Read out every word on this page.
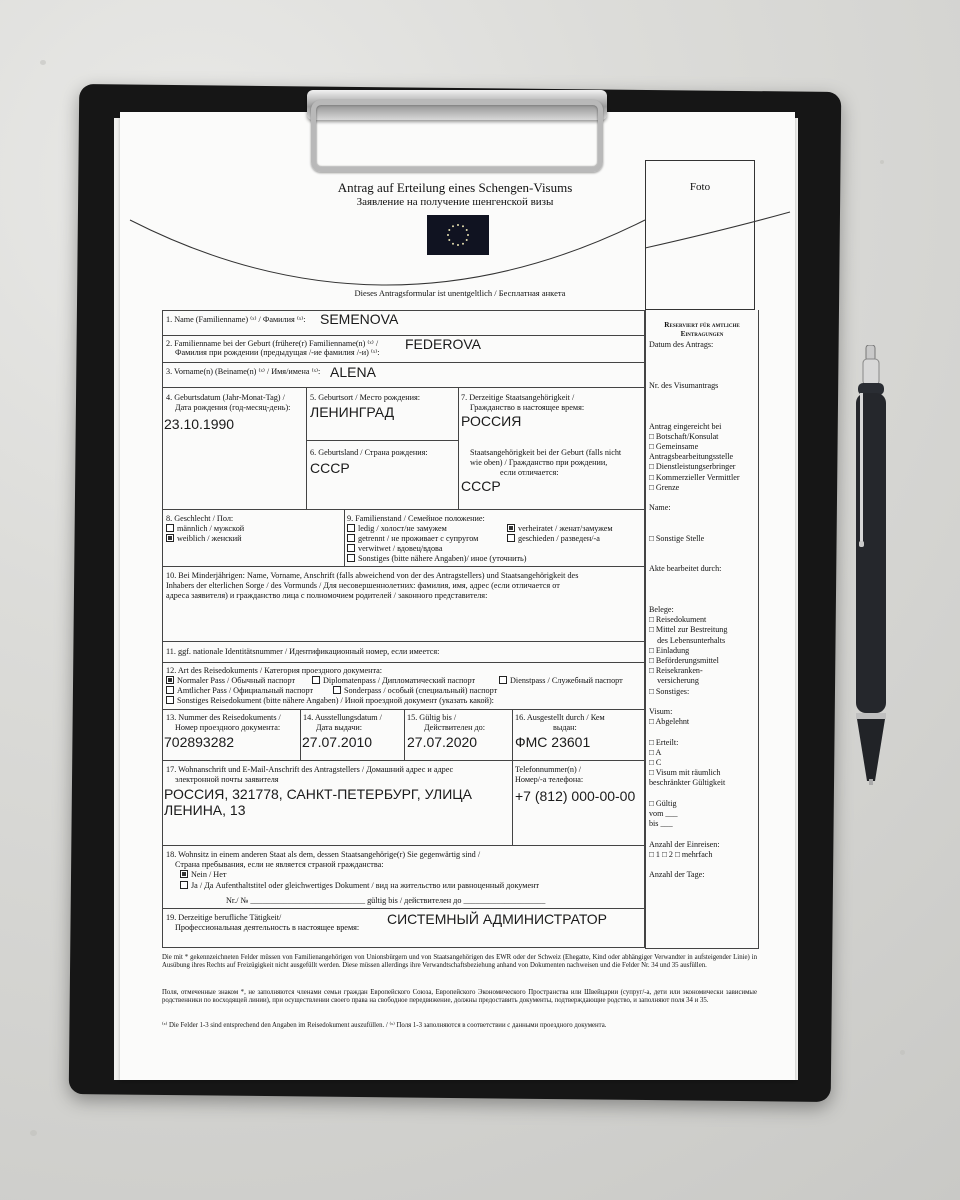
Antrag auf Erteilung eines Schengen-Visums
Заявление на получение шенгенской визы
Dieses Antragsformular ist unentgeltlich / Бесплатная анкета
Foto
Reserviert für amtliche Eintragungen
Datum des Antrags:
Nr. des Visumantrags
Antrag eingereicht bei
□ Botschaft/Konsulat
□ Gemeinsame
Antragsbearbeitungsstelle
□ Dienstleistungserbringer
□ Kommerzieller Vermittler
□ Grenze
Name:
□ Sonstige Stelle
Akte bearbeitet durch:
Belege:
□ Reisedokument
□ Mittel zur Bestreitung
des Lebensunterhalts
□ Einladung
□ Beförderungsmittel
□ Reisekranken-
versicherung
□ Sonstiges:
Visum:
□ Abgelehnt
□ Erteilt:
□ A
□ C
□ Visum mit räumlich
beschränkter Gültigkeit
□ Gültig
vom ___
bis ___
Anzahl der Einreisen:
□ 1 □ 2 □ mehrfach
Anzahl der Tage:
1. Name (Familienname) ⁽ˣ⁾ / Фамилия ⁽ˣ⁾: SEMENOVA
2. Familienname bei der Geburt (frühere(r) Familienname(n) ⁽ˣ⁾ /
Фамилия при рождении (предыдущая /-ие фамилия /-и) ⁽ˣ⁾:
FEDEROVA
3. Vorname(n) (Beiname(n) ⁽ˣ⁾ / Имя/имена ⁽ˣ⁾: ALENA
4. Geburtsdatum (Jahr-Monat-Tag) /
Дата рождения (год-месяц-день):
23.10.1990
5. Geburtsort / Место рождения:
ЛЕНИНГРАД
6. Geburtsland / Страна рождения:
СССР
7. Derzeitige Staatsangehörigkeit /
Гражданство в настоящее время:
РОССИЯ
Staatsangehörigkeit bei der Geburt (falls nicht
wie oben) / Гражданство при рождении,
если отличается:
СССР
8. Geschlecht / Пол:
männlich / мужской
weiblich / женский
9. Familienstand / Семейное положение:
ledig / холост/не замужем
getrennt / не проживает с супругом
verwitwet / вдовец/вдова
Sonstiges (bitte nähere Angaben)/ иное (уточнить)
verheiratet / женат/замужем
geschieden / разведен/-а
10. Bei Minderjährigen: Name, Vorname, Anschrift (falls abweichend von der des Antragstellers) und Staatsangehörigkeit des
Inhabers der elterlichen Sorge / des Vormunds / Для несовершеннолетних: фамилия, имя, адрес (если отличается от
адреса заявителя) и гражданство лица с полномочием родителей / законного представителя:
11. ggf. nationale Identitätsnummer / Идентификационный номер, если имеется:
12. Art des Reisedokuments / Категория проездного документа:
Normaler Pass / Обычный паспорт	Diplomatenpass / Дипломатический паспорт	Dienstpass / Служебный паспорт
Amtlicher Pass / Официальный паспорт	Sonderpass / особый (специальный) паспорт
Sonstiges Reisedokument (bitte nähere Angaben) / Иной проездной документ (указать какой):
13. Nummer des Reisedokuments /
Номер проездного документа:
702893282
14. Ausstellungsdatum /
Дата выдачи:
27.07.2010
15. Gültig bis /
Действителен до:
27.07.2020
16. Ausgestellt durch / Кем
выдан:
ФМС 23601
17. Wohnanschrift und E-Mail-Anschrift des Antragstellers / Домашний адрес и адрес
электронной почты заявителя
РОССИЯ, 321778, САНКТ-ПЕТЕРБУРГ, УЛИЦА
ЛЕНИНА, 13
Telefonnummer(n) /
Номер/-а телефона:
+7 (812) 000-00-00
18. Wohnsitz in einem anderen Staat als dem, dessen Staatsangehörige(r) Sie gegenwärtig sind /
Страна пребывания, если не является страной гражданства:
Nein / Нет
Ja / Да Aufenthaltstitel oder gleichwertiges Dokument / вид на жительство или равноценный документ
Nr./ № ____________________________ gültig bis / действителен до ____________________
19. Derzeitige berufliche Tätigkeit/
Профессиональная деятельность в настоящее время:
СИСТЕМНЫЙ АДМИНИСТРАТОР
Die mit * gekennzeichneten Felder müssen von Familienangehörigen von Unionsbürgern und von Staatsangehörigen des EWR oder der Schweiz (Ehegatte, Kind oder abhängiger Verwandter in aufsteigender Linie) in Ausübung ihres Rechts auf Freizügigkeit nicht ausgefüllt werden. Diese müssen allerdings ihre Verwandtschaftsbeziehung anhand von Dokumenten nachweisen und die Felder Nr. 34 und 35 ausfüllen.
Поля, отмеченные знаком *, не заполняются членами семьи граждан Европейского Союза, Европейского Экономического Пространства или Швейцарии (супруг/-а, дети или экономически зависимые родственники по восходящей линии), при осуществлении своего права на свободное передвижение, должны предоставить документы, подтверждающие родство, и заполняют поля 34 и 35.
⁽ˣ⁾ Die Felder 1-3 sind entsprechend den Angaben im Reisedokument auszufüllen. / ⁽ˣ⁾ Поля 1-3 заполняются в соответствии с данными проездного документа.
